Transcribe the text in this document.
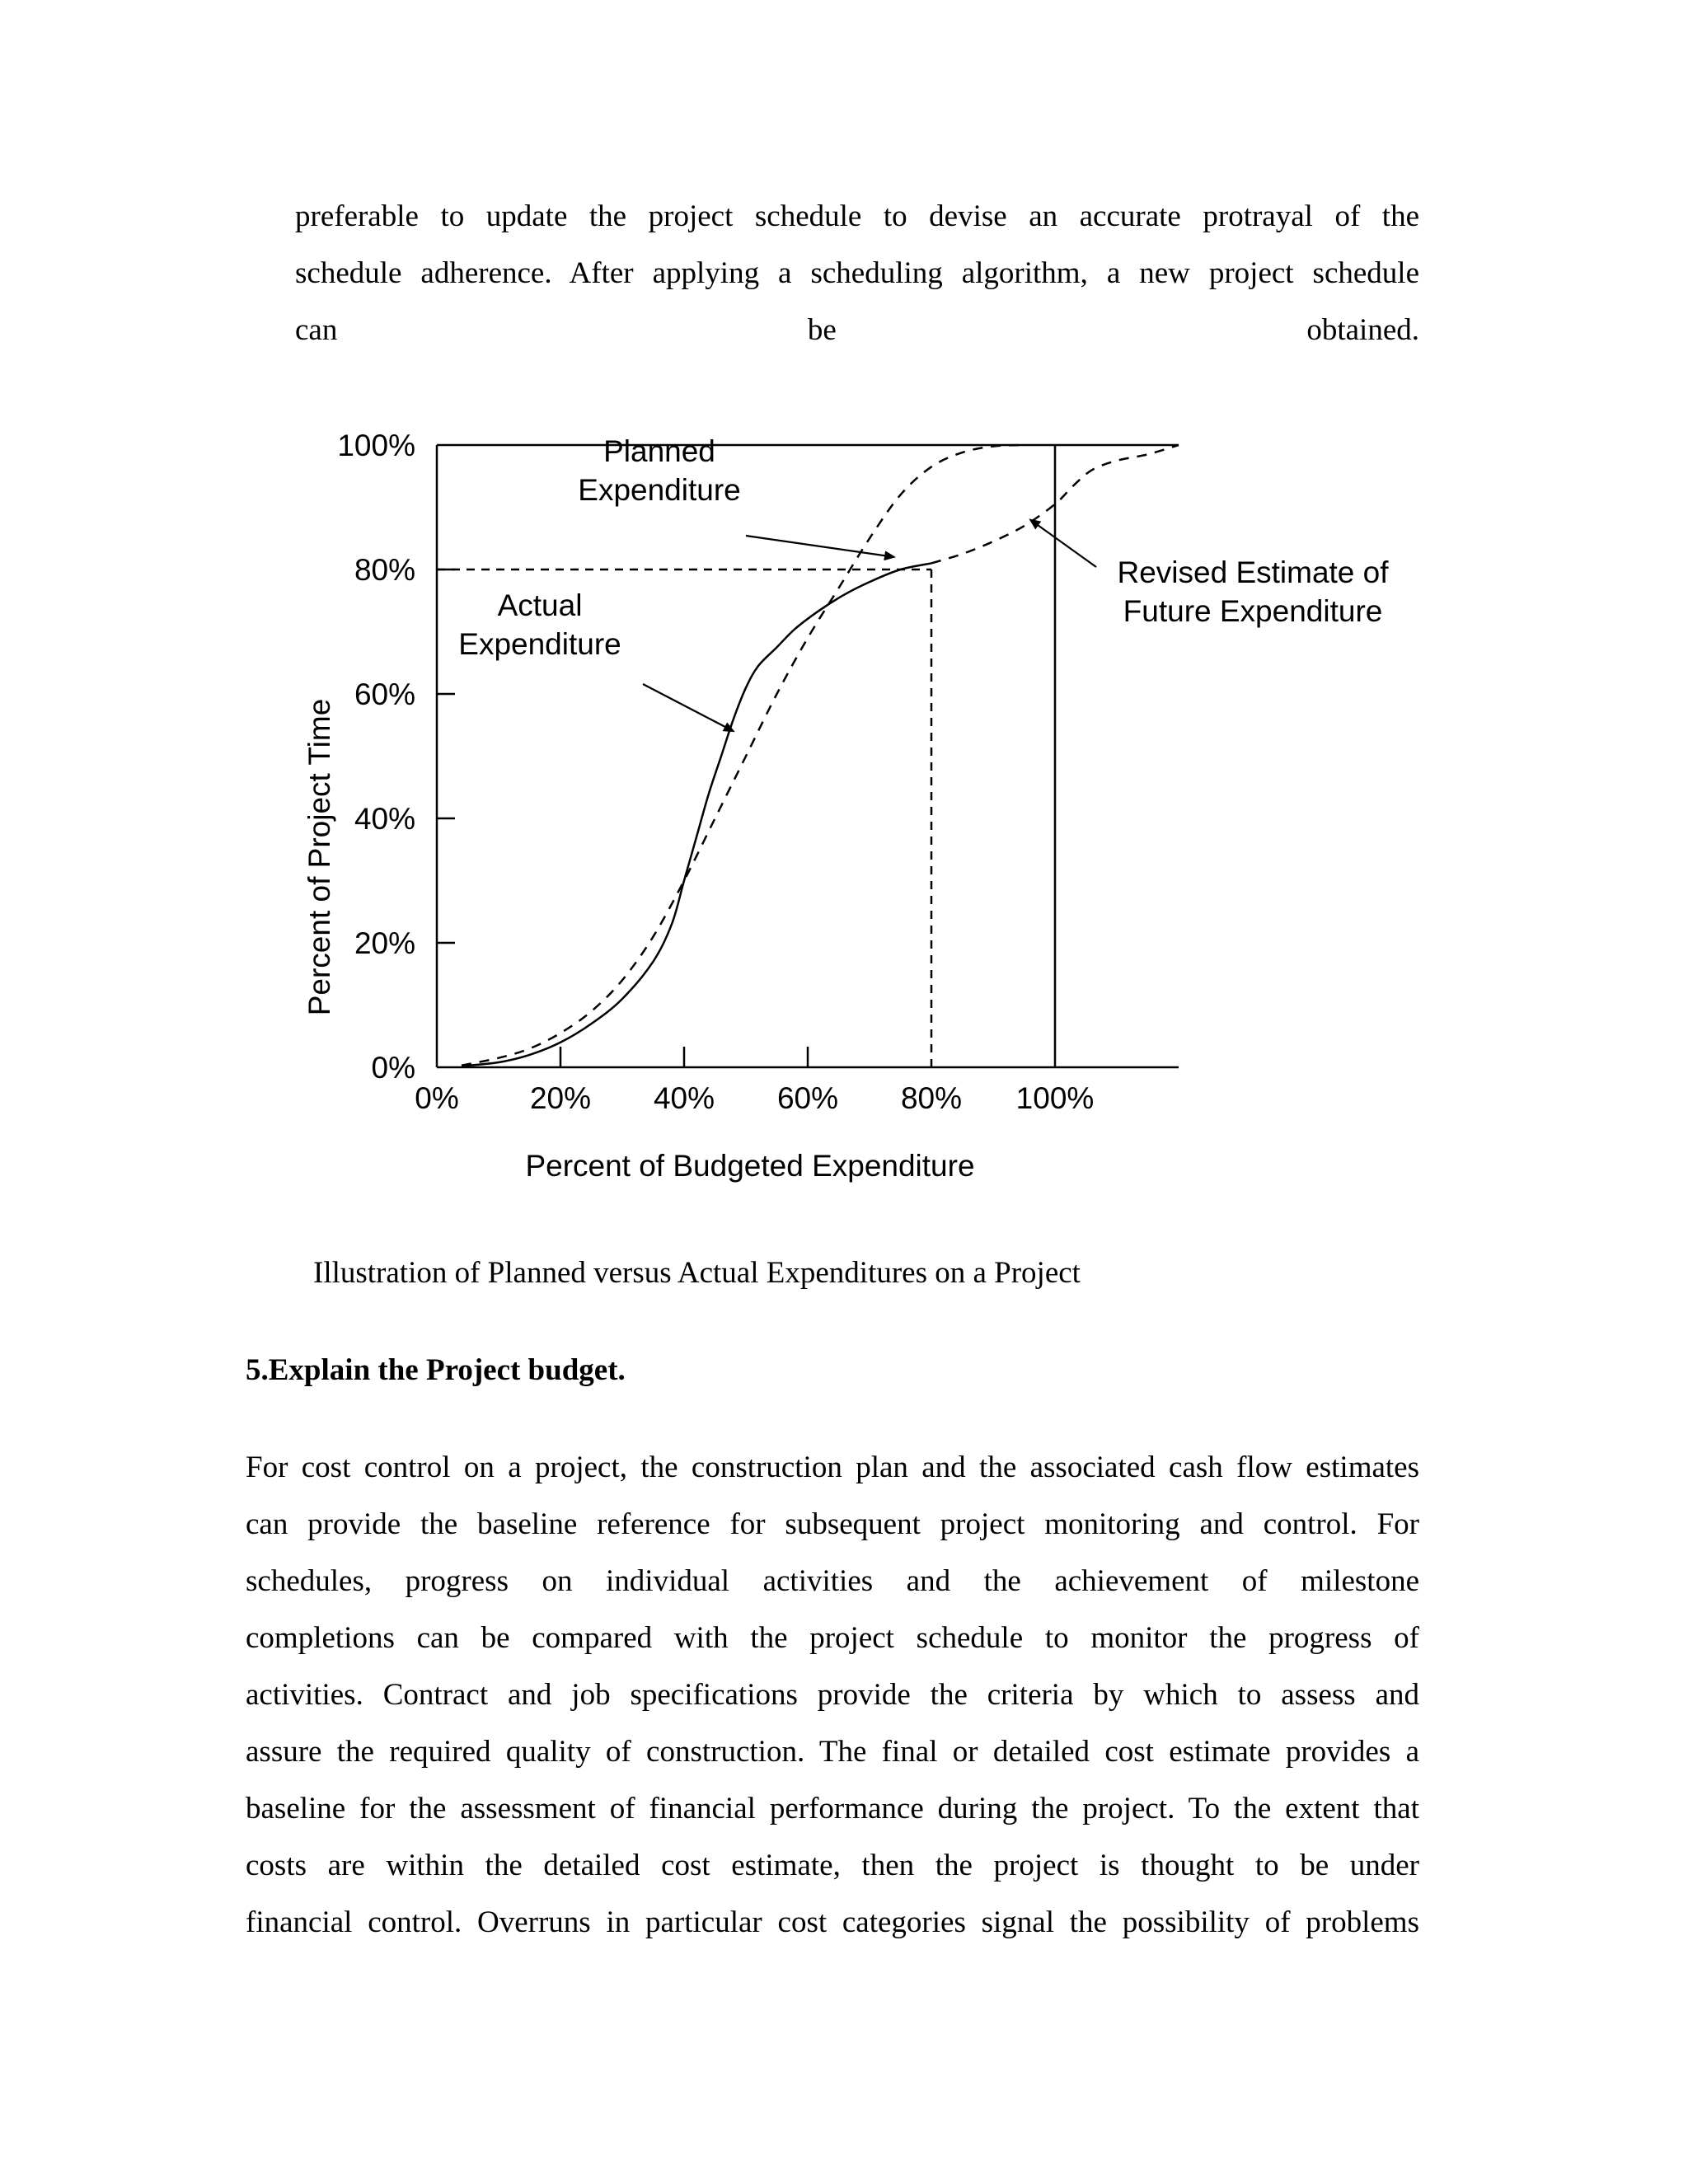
preferable to update the project schedule to devise an accurate protrayal of the
schedule adherence. After applying a scheduling algorithm, a new project schedule
can be obtained.
Percent of Project Time
Percent of Budgeted Expenditure
0%
20%
40%
60%
80%
100%
0% 20% 40% 60% 80% 100%
Planned
Expenditure
Actual
Expenditure
Revised Estimate of
Future Expenditure
Illustration of Planned versus Actual Expenditures on a Project
5.Explain the Project budget.
For cost control on a project, the construction plan and the associated cash flow estimates
can provide the baseline reference for subsequent project monitoring and control. For
schedules, progress on individual activities and the achievement of milestone
completions can be compared with the project schedule to monitor the progress of
activities. Contract and job specifications provide the criteria by which to assess and
assure the required quality of construction. The final or detailed cost estimate provides a
baseline for the assessment of financial performance during the project. To the extent that
costs are within the detailed cost estimate, then the project is thought to be under
financial control. Overruns in particular cost categories signal the possibility of problems
